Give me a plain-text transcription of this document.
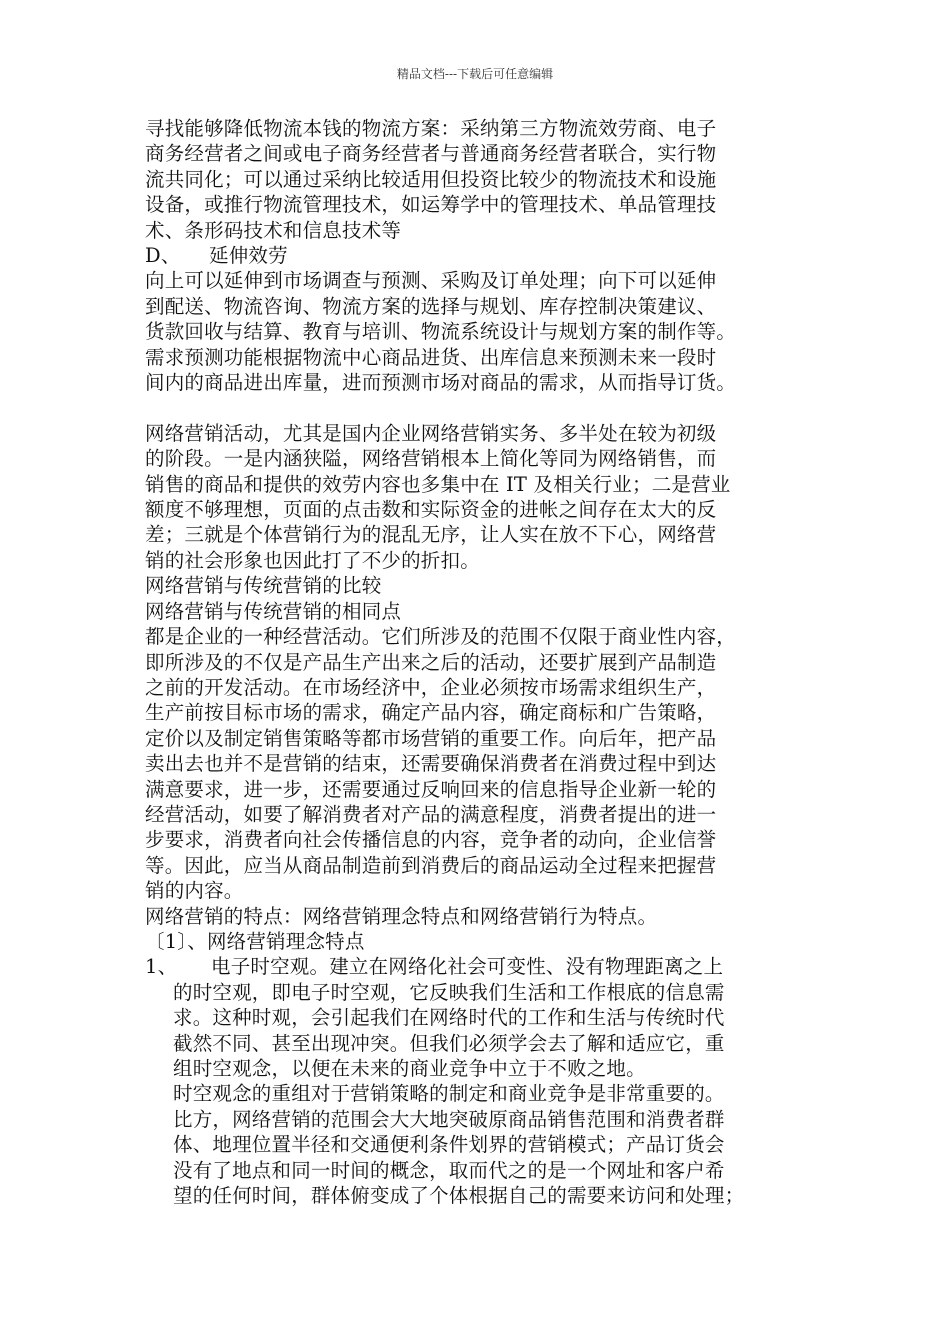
精品文档---下载后可任意编辑

寻找能够降低物流本钱的物流方案：采纳第三方物流效劳商、电子

商务经营者之间或电子商务经营者与普通商务经营者联合，实行物

流共同化；可以通过采纳比较适用但投资比较少的物流技术和设施

设备，或推行物流管理技术，如运筹学中的管理技术、单品管理技

术、条形码技术和信息技术等

D、 延伸效劳

向上可以延伸到市场调查与预测、采购及订单处理；向下可以延伸

到配送、物流咨询、物流方案的选择与规划、库存控制决策建议、

货款回收与结算、教育与培训、物流系统设计与规划方案的制作等。

需求预测功能根据物流中心商品进货、出库信息来预测未来一段时

间内的商品进出库量，进而预测市场对商品的需求，从而指导订货。

网络营销活动，尤其是国内企业网络营销实务、多半处在较为初级

的阶段。一是内涵狭隘，网络营销根本上简化等同为网络销售，而

销售的商品和提供的效劳内容也多集中在 IT 及相关行业；二是营业

额度不够理想，页面的点击数和实际资金的进帐之间存在太大的反

差；三就是个体营销行为的混乱无序，让人实在放不下心，网络营

销的社会形象也因此打了不少的折扣。

网络营销与传统营销的比较

网络营销与传统营销的相同点

都是企业的一种经营活动。它们所涉及的范围不仅限于商业性内容，

即所涉及的不仅是产品生产出来之后的活动，还要扩展到产品制造

之前的开发活动。在市场经济中，企业必须按市场需求组织生产，

生产前按目标市场的需求，确定产品内容，确定商标和广告策略，

定价以及制定销售策略等都市场营销的重要工作。向后年，把产品

卖出去也并不是营销的结束，还需要确保消费者在消费过程中到达

满意要求，进一步，还需要通过反响回来的信息指导企业新一轮的

经营活动，如要了解消费者对产品的满意程度，消费者提出的进一

步要求，消费者向社会传播信息的内容，竞争者的动向，企业信誉

等。因此，应当从商品制造前到消费后的商品运动全过程来把握营

销的内容。

网络营销的特点：网络营销理念特点和网络营销行为特点。

〔1〕、网络营销理念特点

1、	电子时空观。建立在网络化社会可变性、没有物理距离之上

的时空观，即电子时空观，它反映我们生活和工作根底的信息需

求。这种时观，会引起我们在网络时代的工作和生活与传统时代

截然不同、甚至出现冲突。但我们必须学会去了解和适应它，重

组时空观念，以便在未来的商业竞争中立于不败之地。

时空观念的重组对于营销策略的制定和商业竞争是非常重要的。

比方，网络营销的范围会大大地突破原商品销售范围和消费者群

体、地理位置半径和交通便利条件划界的营销模式；产品订货会

没有了地点和同一时间的概念，取而代之的是一个网址和客户希

望的任何时间，群体俯变成了个体根据自己的需要来访问和处理；
